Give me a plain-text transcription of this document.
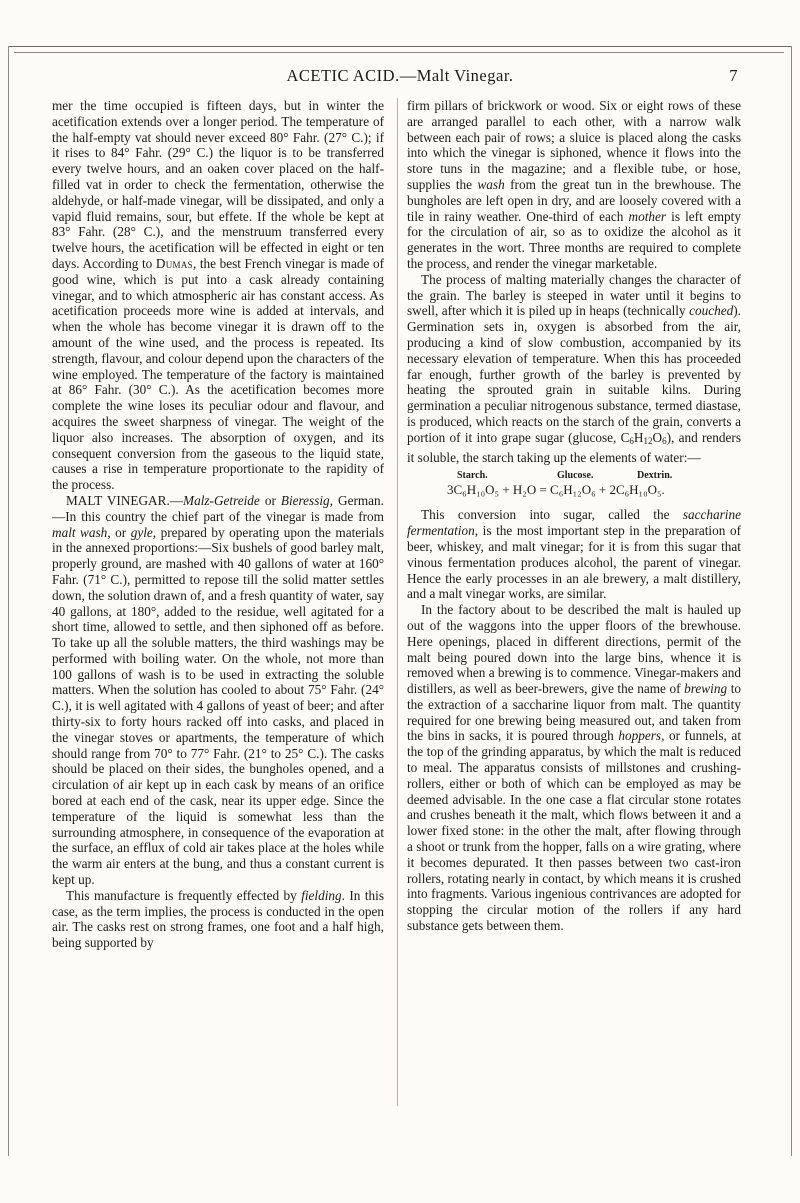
ACETIC ACID.—Malt Vinegar.	7

mer the time occupied is fifteen days, but in winter the acetification extends over a longer period. The temperature of the half-empty vat should never exceed 80° Fahr. (27° C.); if it rises to 84° Fahr. (29° C.) the liquor is to be transferred every twelve hours, and an oaken cover placed on the half-filled vat in order to check the fermentation, otherwise the aldehyde, or half-made vinegar, will be dissipated, and only a vapid fluid remains, sour, but effete. If the whole be kept at 83° Fahr. (28° C.), and the menstruum transferred every twelve hours, the acetification will be effected in eight or ten days. According to Dumas, the best French vinegar is made of good wine, which is put into a cask already containing vinegar, and to which atmospheric air has constant access. As acetification proceeds more wine is added at intervals, and when the whole has become vinegar it is drawn off to the amount of the wine used, and the process is repeated. Its strength, flavour, and colour depend upon the characters of the wine employed. The temperature of the factory is maintained at 86° Fahr. (30° C.). As the acetification becomes more complete the wine loses its peculiar odour and flavour, and acquires the sweet sharpness of vinegar. The weight of the liquor also increases. The absorption of oxygen, and its consequent conversion from the gaseous to the liquid state, causes a rise in temperature proportionate to the rapidity of the process.

MALT VINEGAR.—Malz-Getreide or Bieressig, German.—In this country the chief part of the vinegar is made from malt wash, or gyle, prepared by operating upon the materials in the annexed proportions:—Six bushels of good barley malt, properly ground, are mashed with 40 gallons of water at 160° Fahr. (71° C.), permitted to repose till the solid matter settles down, the solution drawn of, and a fresh quantity of water, say 40 gallons, at 180°, added to the residue, well agitated for a short time, allowed to settle, and then siphoned off as before. To take up all the soluble matters, the third washings may be performed with boiling water. On the whole, not more than 100 gallons of wash is to be used in extracting the soluble matters. When the solution has cooled to about 75° Fahr. (24° C.), it is well agitated with 4 gallons of yeast of beer; and after thirty-six to forty hours racked off into casks, and placed in the vinegar stoves or apartments, the temperature of which should range from 70° to 77° Fahr. (21° to 25° C.). The casks should be placed on their sides, the bungholes opened, and a circulation of air kept up in each cask by means of an orifice bored at each end of the cask, near its upper edge. Since the temperature of the liquid is somewhat less than the surrounding atmosphere, in consequence of the evaporation at the surface, an efflux of cold air takes place at the holes while the warm air enters at the bung, and thus a constant current is kept up.

This manufacture is frequently effected by fielding. In this case, as the term implies, the process is conducted in the open air. The casks rest on strong frames, one foot and a half high, being supported by

firm pillars of brickwork or wood. Six or eight rows of these are arranged parallel to each other, with a narrow walk between each pair of rows; a sluice is placed along the casks into which the vinegar is siphoned, whence it flows into the store tuns in the magazine; and a flexible tube, or hose, supplies the wash from the great tun in the brewhouse. The bungholes are left open in dry, and are loosely covered with a tile in rainy weather. One-third of each mother is left empty for the circulation of air, so as to oxidize the alcohol as it generates in the wort. Three months are required to complete the process, and render the vinegar marketable.

The process of malting materially changes the character of the grain. The barley is steeped in water until it begins to swell, after which it is piled up in heaps (technically couched). Germination sets in, oxygen is absorbed from the air, producing a kind of slow combustion, accompanied by its necessary elevation of temperature. When this has proceeded far enough, further growth of the barley is prevented by heating the sprouted grain in suitable kilns. During germination a peculiar nitrogenous substance, termed diastase, is produced, which reacts on the starch of the grain, converts a portion of it into grape sugar (glucose, $C_6H_{12}O_6$), and renders it soluble, the starch taking up the elements of water:—

Starch.	Glucose.	Dextrin.
3C₆H₁₀O₅ + H₂O = C₆H₁₂O₆ + 2C₆H₁₀O₅.

This conversion into sugar, called the saccharine fermentation, is the most important step in the preparation of beer, whiskey, and malt vinegar; for it is from this sugar that vinous fermentation produces alcohol, the parent of vinegar. Hence the early processes in an ale brewery, a malt distillery, and a malt vinegar works, are similar.

In the factory about to be described the malt is hauled up out of the waggons into the upper floors of the brewhouse. Here openings, placed in different directions, permit of the malt being poured down into the large bins, whence it is removed when a brewing is to commence. Vinegar-makers and distillers, as well as beer-brewers, give the name of brewing to the extraction of a saccharine liquor from malt. The quantity required for one brewing being measured out, and taken from the bins in sacks, it is poured through hoppers, or funnels, at the top of the grinding apparatus, by which the malt is reduced to meal. The apparatus consists of millstones and crushing-rollers, either or both of which can be employed as may be deemed advisable. In the one case a flat circular stone rotates and crushes beneath it the malt, which flows between it and a lower fixed stone: in the other the malt, after flowing through a shoot or trunk from the hopper, falls on a wire grating, where it becomes depurated. It then passes between two cast-iron rollers, rotating nearly in contact, by which means it is crushed into fragments. Various ingenious contrivances are adopted for stopping the circular motion of the rollers if any hard substance gets between them.
